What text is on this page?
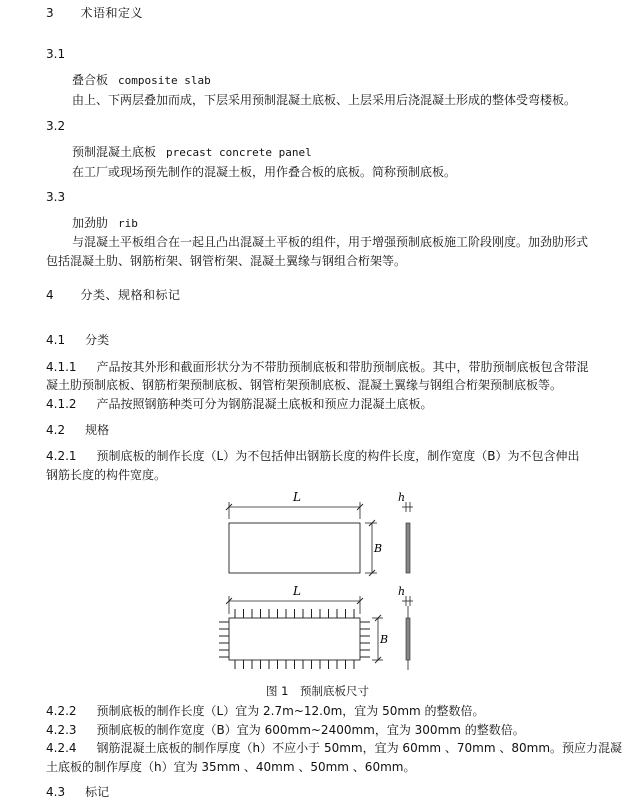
3 术语和定义
3.1
叠合板 composite slab
由上、下两层叠加而成，下层采用预制混凝土底板、上层采用后浇混凝土形成的整体受弯楼板。
3.2
预制混凝土底板 precast concrete panel
在工厂或现场预先制作的混凝土板，用作叠合板的底板。简称预制底板。
3.3
加劲肋 rib
与混凝土平板组合在一起且凸出混凝土平板的组件，用于增强预制底板施工阶段刚度。加劲肋形式
包括混凝土肋、钢筋桁架、钢管桁架、混凝土翼缘与钢组合桁架等。
4 分类、规格和标记
4.1 分类
4.1.1 产品按其外形和截面形状分为不带肋预制底板和带肋预制底板。其中，带肋预制底板包含带混
凝土肋预制底板、钢筋桁架预制底板、钢管桁架预制底板、混凝土翼缘与钢组合桁架预制底板等。
4.1.2 产品按照钢筋种类可分为钢筋混凝土底板和预应力混凝土底板。
4.2 规格
4.2.1 预制底板的制作长度（L）为不包括伸出钢筋长度的构件长度，制作宽度（B）为不包含伸出
钢筋长度的构件宽度。
L
B
h
L
B
h
图 1　预制底板尺寸
4.2.2 预制底板的制作长度（L）宜为 2.7m~12.0m，宜为 50mm 的整数倍。
4.2.3 预制底板的制作宽度（B）宜为 600mm~2400mm，宜为 300mm 的整数倍。
4.2.4 钢筋混凝土底板的制作厚度（h）不应小于 50mm，宜为 60mm 、70mm 、80mm。预应力混凝
土底板的制作厚度（h）宜为 35mm 、40mm 、50mm 、60mm。
4.3 标记
